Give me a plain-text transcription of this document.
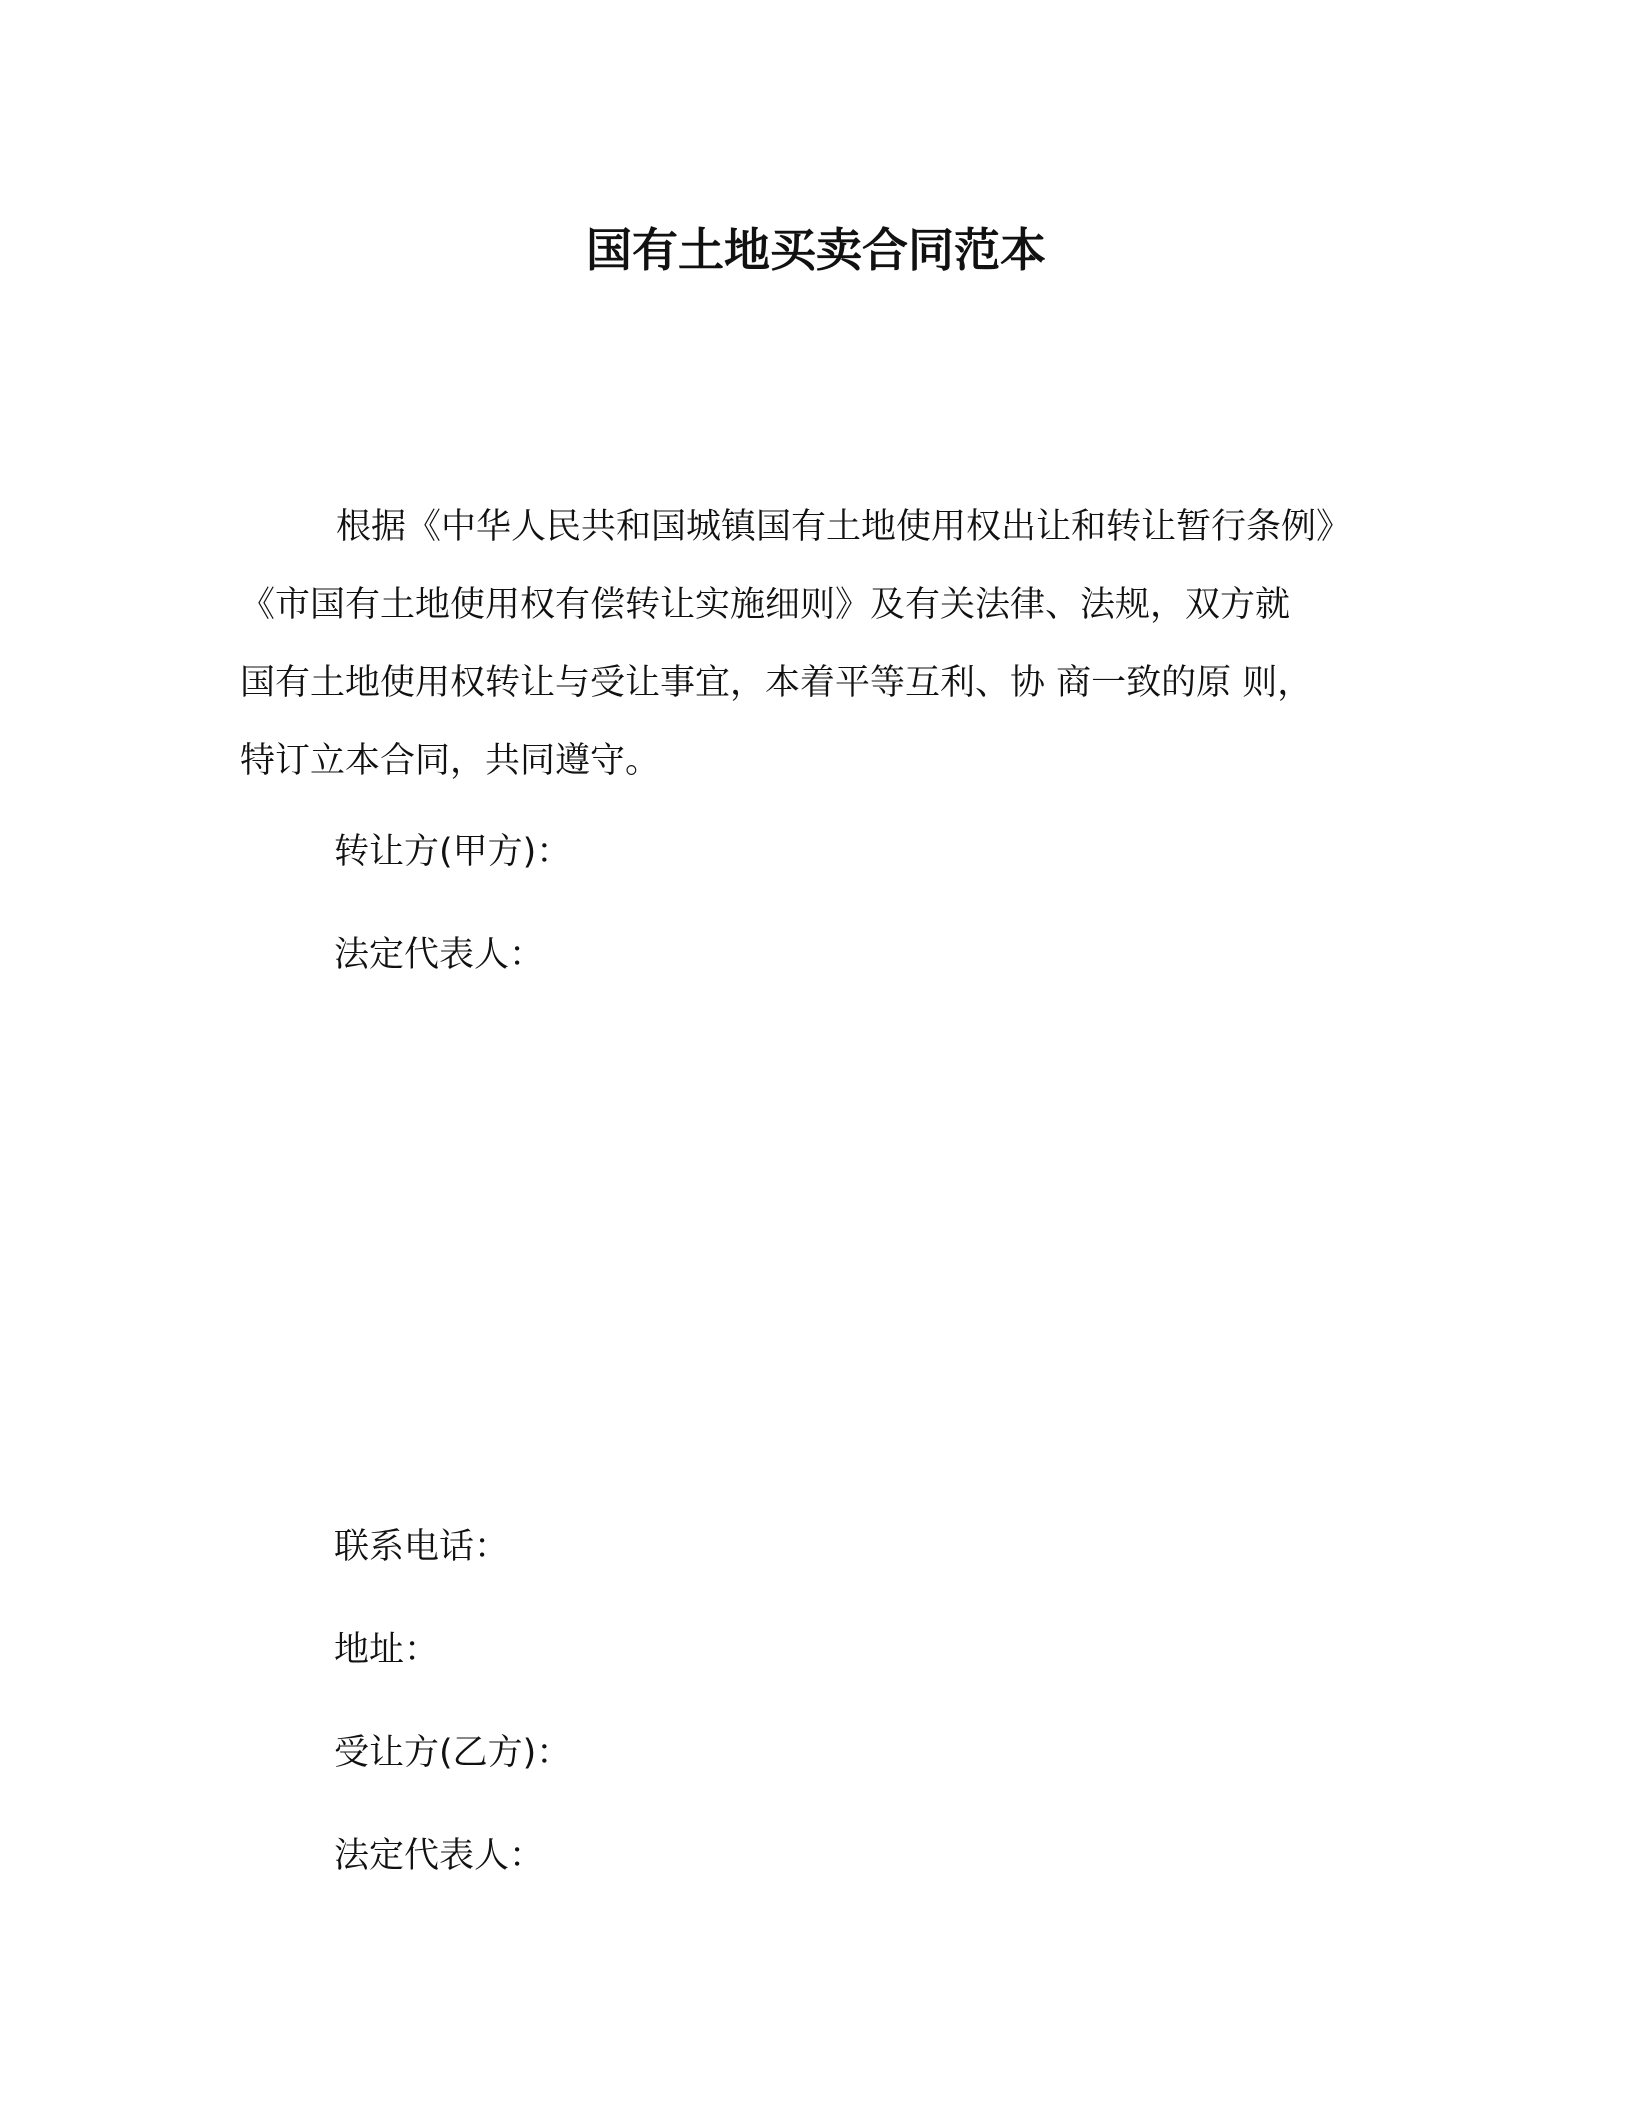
国有土地买卖合同范本
根据《中华人民共和国城镇国有土地使用权出让和转让暂行条例》
《市国有土地使用权有偿转让实施细则》及有关法律、法规，双方就
国有土地使用权转让与受让事宜，本着平等互利、协 商一致的原 则，
特订立本合同，共同遵守。
转让方(甲方)：
法定代表人：
联系电话：
地址：
受让方(乙方)：
法定代表人：
